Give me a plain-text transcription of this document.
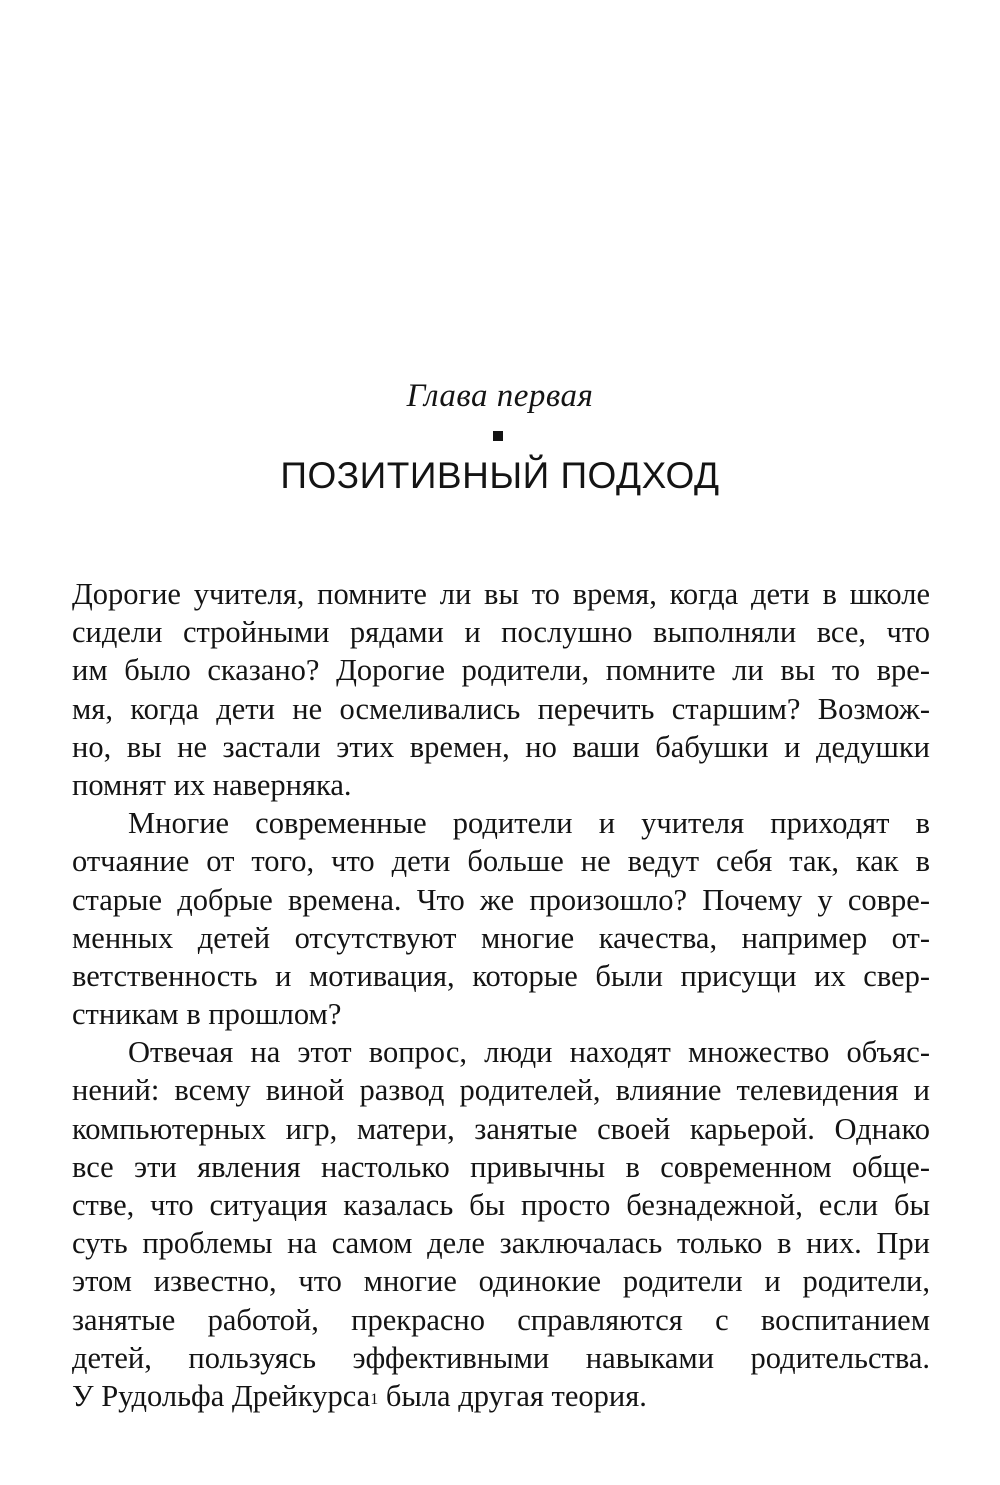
Глава первая
ПОЗИТИВНЫЙ ПОДХОД

Дорогие учителя, помните ли вы то время, когда дети в школе
сидели стройными рядами и послушно выполняли все, что
им было сказано? Дорогие родители, помните ли вы то вре-
мя, когда дети не осмеливались перечить старшим? Возмож-
но, вы не застали этих времен, но ваши бабушки и дедушки
помнят их наверняка.

Многие современные родители и учителя приходят в
отчаяние от того, что дети больше не ведут себя так, как в
старые добрые времена. Что же произошло? Почему у совре-
менных детей отсутствуют многие качества, например от-
ветственность и мотивация, которые были присущи их свер-
стникам в прошлом?

Отвечая на этот вопрос, люди находят множество объяс-
нений: всему виной развод родителей, влияние телевидения и
компьютерных игр, матери, занятые своей карьерой. Однако
все эти явления настолько привычны в современном обще-
стве, что ситуация казалась бы просто безнадежной, если бы
суть проблемы на самом деле заключалась только в них. При
этом известно, что многие одинокие родители и родители,
занятые работой, прекрасно справляются с воспитанием
детей, пользуясь эффективными навыками родительства.
У Рудольфа Дрейкурса$^1$ была другая теория.
